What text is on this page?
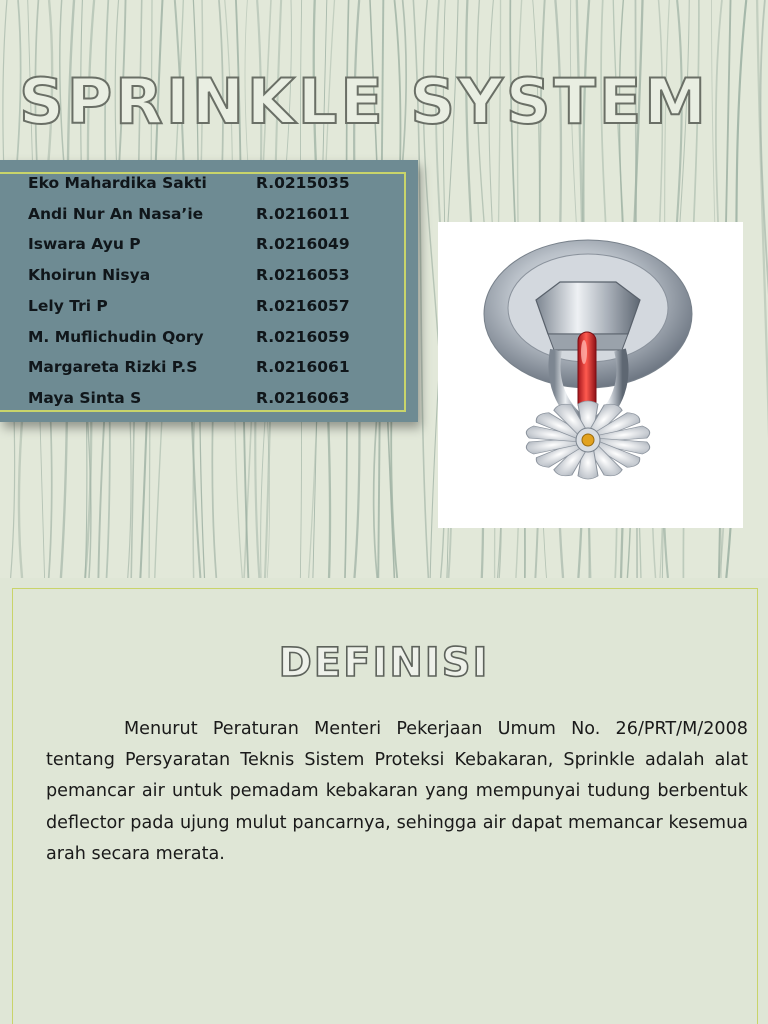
SPRINKLE SYSTEM
Eko Mahardika Sakti	R.0215035
Andi Nur An Nasa’ie	R.0216011
Iswara Ayu P	R.0216049
Khoirun Nisya	R.0216053
Lely Tri P	R.0216057
M. Muflichudin Qory	R.0216059
Margareta Rizki P.S	R.0216061
Maya Sinta S	R.0216063
DEFINISI

Menurut Peraturan Menteri Pekerjaan Umum No. 26/PRT/M/2008 tentang Persyaratan Teknis Sistem Proteksi Kebakaran, Sprinkle adalah alat pemancar air untuk pemadam kebakaran yang mempunyai tudung berbentuk deflector pada ujung mulut pancarnya, sehingga air dapat memancar kesemua arah secara merata.
